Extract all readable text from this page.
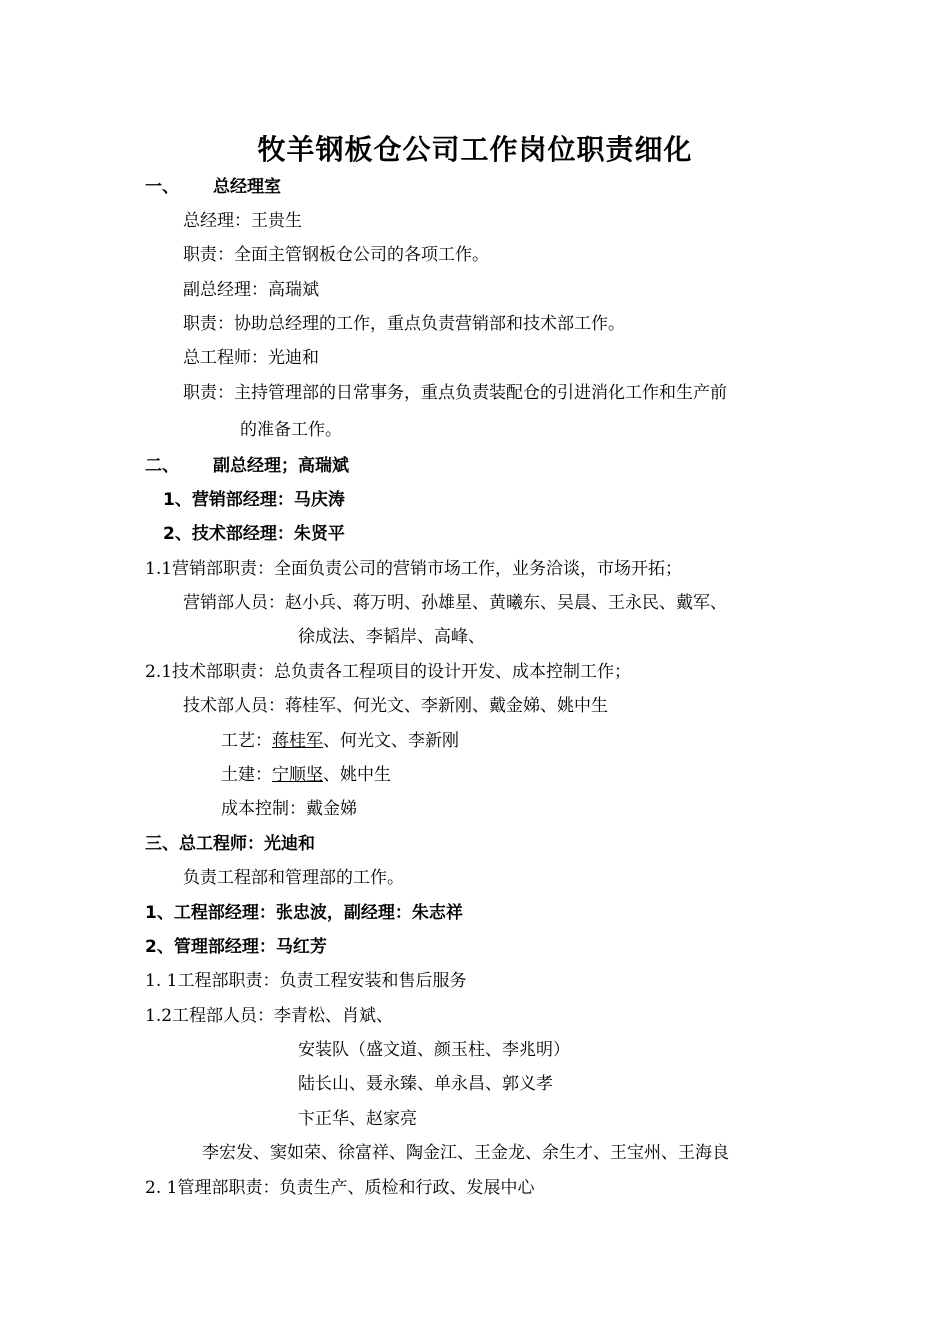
牧羊钢板仓公司工作岗位职责细化
一、 总经理室
总经理：王贵生
职责：全面主管钢板仓公司的各项工作。
副总经理：高瑞斌
职责：协助总经理的工作，重点负责营销部和技术部工作。
总工程师：光迪和
职责：主持管理部的日常事务，重点负责装配仓的引进消化工作和生产前
的准备工作。
二、 副总经理；高瑞斌
1、营销部经理：马庆涛
2、技术部经理：朱贤平
1.1营销部职责：全面负责公司的营销市场工作，业务洽谈，市场开拓；
营销部人员：赵小兵、蒋万明、孙雄星、黄曦东、吴晨、王永民、戴军、
徐成法、李韬岸、高峰、
2.1技术部职责：总负责各工程项目的设计开发、成本控制工作；
技术部人员：蒋桂军、何光文、李新刚、戴金娣、姚中生
工艺：蒋桂军、何光文、李新刚
土建：宁顺坚、姚中生
成本控制：戴金娣
三、总工程师：光迪和
负责工程部和管理部的工作。
1、工程部经理：张忠波，副经理：朱志祥
2、管理部经理：马红芳
1. 1工程部职责：负责工程安装和售后服务
1.2工程部人员：李青松、肖斌、
安装队（盛文道、颜玉柱、李兆明）
陆长山、聂永臻、单永昌、郭义孝
卞正华、赵家亮
李宏发、窦如荣、徐富祥、陶金江、王金龙、余生才、王宝州、王海良
2. 1管理部职责：负责生产、质检和行政、发展中心
